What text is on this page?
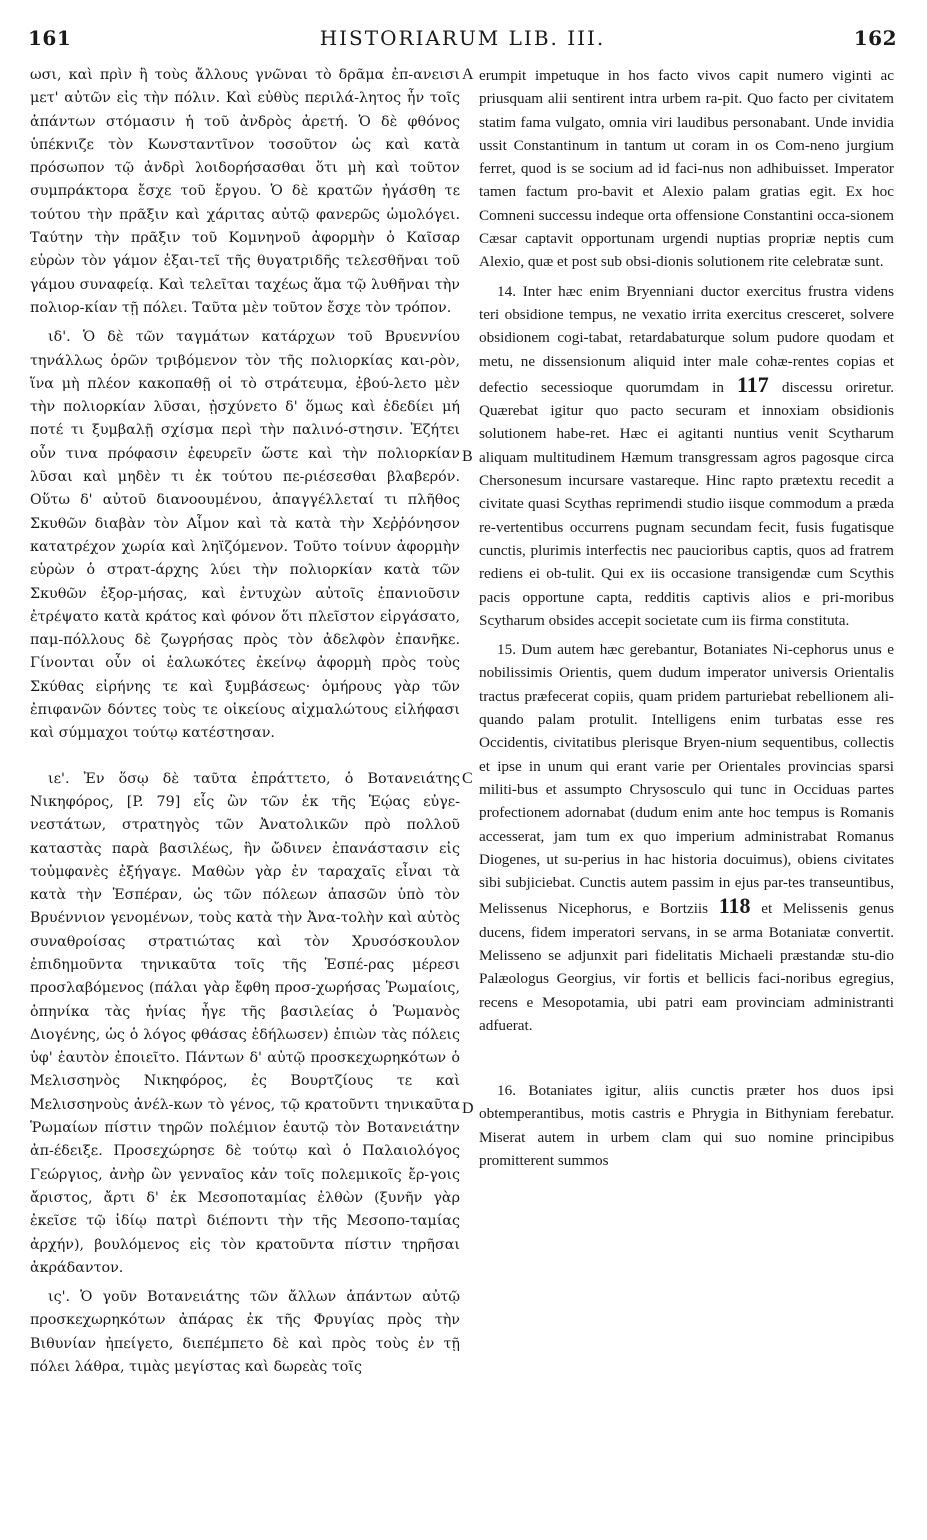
161	HISTORIARUM LIB. III.	162

ωσι, καὶ πρὶν ἢ τοὺς ἄλλους γνῶναι τὸ δρᾶμα ἐπ-ανεισι μετ' αὐτῶν εἰς τὴν πόλιν. Καὶ εὐθὺς περιλά-λητος ἦν τοῖς ἁπάντων στόμασιν ἡ τοῦ ἀνδρὸς ἀρετή. Ὁ δὲ φθόνος ὑπέκνιζε τὸν Κωνσταντῖνον τοσοῦτον ὡς καὶ κατὰ πρόσωπον τῷ ἀνδρὶ λοιδορήσασθαι ὅτι μὴ καὶ τοῦτον συμπράκτορα ἔσχε τοῦ ἔργου. Ὁ δὲ κρατῶν ἠγάσθη τε τούτου τὴν πρᾶξιν καὶ χάριτας αὐτῷ φανερῶς ὡμολόγει. Ταύτην τὴν πρᾶξιν τοῦ Κομνηνοῦ ἀφορμὴν ὁ Καῖσαρ εὑρὼν τὸν γάμον ἐξαι-τεῖ τῆς θυγατριδῆς τελεσθῆναι τοῦ γάμου συναφείᾳ. Καὶ τελεῖται ταχέως ἅμα τῷ λυθῆναι τὴν πολιορ-κίαν τῇ πόλει. Ταῦτα μὲν τοῦτον ἔσχε τὸν τρόπον.

ιδ'. Ὁ δὲ τῶν ταγμάτων κατάρχων τοῦ Βρυεννίου τηνάλλως ὁρῶν τριβόμενον τὸν τῆς πολιορκίας και-ρὸν, ἵνα μὴ πλέον κακοπαθῇ οἱ τὸ στράτευμα, ἐβού-λετο μὲν τὴν πολιορκίαν λῦσαι, ᾐσχύνετο δ' ὅμως καὶ ἐδεδίει μή ποτέ τι ξυμβαλῇ σχίσμα περὶ τὴν παλινό-στησιν. Ἐζήτει οὖν τινα πρόφασιν ἐφευρεῖν ὥστε καὶ τὴν πολιορκίαν λῦσαι καὶ μηδὲν τι ἐκ τούτου πε-ριέσεσθαι βλαβερόν. Οὕτω δ' αὐτοῦ διανοουμένου, ἀπαγγέλλεταί τι πλῆθος Σκυθῶν διαβὰν τὸν Αἷμον καὶ τὰ κατὰ τὴν Χεῤῥόνησον κατατρέχον χωρία καὶ ληϊζόμενον. Τοῦτο τοίνυν ἀφορμὴν εὑρὼν ὁ στρατ-άρχης λύει τὴν πολιορκίαν κατὰ τῶν Σκυθῶν ἐξορ-μήσας, καὶ ἐντυχὼν αὐτοῖς ἐπανιοῦσιν ἐτρέψατο κατὰ κράτος καὶ φόνον ὅτι πλεῖστον εἰργάσατο, παμ-πόλλους δὲ ζωγρήσας πρὸς τὸν ἀδελφὸν ἐπανῆκε. Γίνονται οὖν οἱ ἑαλωκότες ἐκείνῳ ἀφορμὴ πρὸς τοὺς Σκύθας εἰρήνης τε καὶ ξυμβάσεως· ὁμήρους γὰρ τῶν ἐπιφανῶν δόντες τοὺς τε οἰκείους αἰχμαλώτους εἰλήφασι καὶ σύμμαχοι τούτῳ κατέστησαν.

ιε'. Ἐν ὅσῳ δὲ ταῦτα ἐπράττετο, ὁ Βοτανειάτης Νικηφόρος, [P. 79] εἷς ὢν τῶν ἐκ τῆς Ἑῴας εὐγε-νεστάτων, στρατηγὸς τῶν Ἀνατολικῶν πρὸ πολλοῦ καταστὰς παρὰ βασιλέως, ἣν ὤδινεν ἐπανάστασιν εἰς τοὐμφανὲς ἐξήγαγε. Μαθὼν γὰρ ἐν ταραχαῖς εἶναι τὰ κατὰ τὴν Ἑσπέραν, ὡς τῶν πόλεων ἁπασῶν ὑπὸ τὸν Βρυέννιον γενομένων, τοὺς κατὰ τὴν Ἀνα-τολὴν καὶ αὐτὸς συναθροίσας στρατιώτας καὶ τὸν Χρυσόσκουλον ἐπιδημοῦντα τηνικαῦτα τοῖς τῆς Ἑσπέ-ρας μέρεσι προσλαβόμενος (πάλαι γὰρ ἔφθη προσ-χωρήσας Ῥωμαίοις, ὁπηνίκα τὰς ἡνίας ἦγε τῆς βασιλείας ὁ Ῥωμανὸς Διογένης, ὡς ὁ λόγος φθάσας ἐδήλωσεν) ἐπιὼν τὰς πόλεις ὑφ' ἑαυτὸν ἐποιεῖτο. Πάντων δ' αὐτῷ προσκεχωρηκότων ὁ Μελισσηνὸς Νικηφόρος, ἐς Βουρτζίους τε καὶ Μελισσηνοὺς ἀνέλ-κων τὸ γένος, τῷ κρατοῦντι τηνικαῦτα Ῥωμαίων πίστιν τηρῶν πολέμιον ἑαυτῷ τὸν Βοτανειάτην ἀπ-έδειξε. Προσεχώρησε δὲ τούτῳ καὶ ὁ Παλαιολόγος Γεώργιος, ἀνὴρ ὢν γενναῖος κἀν τοῖς πολεμικοῖς ἔρ-γοις ἄριστος, ἄρτι δ' ἐκ Μεσοποταμίας ἐλθὼν (ξυνῆν γὰρ ἐκεῖσε τῷ ἰδίῳ πατρὶ διέποντι τὴν τῆς Μεσοπο-ταμίας ἀρχήν), βουλόμενος εἰς τὸν κρατοῦντα πίστιν τηρῆσαι ἀκράδαντον.

ις'. Ὁ γοῦν Βοτανειάτης τῶν ἄλλων ἁπάντων αὐτῷ προσκεχωρηκότων ἀπάρας ἐκ τῆς Φρυγίας πρὸς τὴν Βιθυνίαν ἠπείγετο, διεπέμπετο δὲ καὶ πρὸς τοὺς ἐν τῇ πόλει λάθρα, τιμὰς μεγίστας καὶ δωρεὰς τοῖς

A
B
C
D

erumpit impetuque in hos facto vivos capit numero viginti ac priusquam alii sentirent intra urbem ra-pit. Quo facto per civitatem statim fama vulgato, omnia viri laudibus personabant. Unde invidia ussit Constantinum in tantum ut coram in os Com-neno jurgium ferret, quod is se socium ad id faci-nus non adhibuisset. Imperator tamen factum pro-bavit et Alexio palam gratias egit. Ex hoc Comneni successu indeque orta offensione Constantini occa-sionem Cæsar captavit opportunam urgendi nuptias propriæ neptis cum Alexio, quæ et post sub obsi-dionis solutionem rite celebratæ sunt.

14. Inter hæc enim Bryenniani ductor exercitus frustra videns teri obsidione tempus, ne vexatio irrita exercitus cresceret, solvere obsidionem cogi-tabat, retardabaturque solum pudore quodam et metu, ne dissensionum aliquid inter male cohæ-rentes copias et defectio secessioque quorumdam in 117 discessu oriretur. Quærebat igitur quo pacto securam et innoxiam obsidionis solutionem habe-ret. Hæc ei agitanti nuntius venit Scytharum aliquam multitudinem Hæmum transgressam agros pagosque circa Chersonesum incursare vastareque. Hinc rapto prætextu recedit a civitate quasi Scythas reprimendi studio iisque commodum a præda re-vertentibus occurrens pugnam secundam fecit, fusis fugatisque cunctis, plurimis interfectis nec paucioribus captis, quos ad fratrem rediens ei ob-tulit. Qui ex iis occasione transigendæ cum Scythis pacis opportune capta, redditis captivis alios e pri-moribus Scytharum obsides accepit societate cum iis firma constituta.

15. Dum autem hæc gerebantur, Botaniates Ni-cephorus unus e nobilissimis Orientis, quem dudum imperator universis Orientalis tractus præfecerat copiis, quam pridem parturiebat rebellionem ali-quando palam protulit. Intelligens enim turbatas esse res Occidentis, civitatibus plerisque Bryen-nium sequentibus, collectis et ipse in unum qui erant varie per Orientales provincias sparsi militi-bus et assumpto Chrysosculo qui tunc in Occiduas partes profectionem adornabat (dudum enim ante hoc tempus is Romanis accesserat, jam tum ex quo imperium administrabat Romanus Diogenes, ut su-perius in hac historia docuimus), obiens civitates sibi subjiciebat. Cunctis autem passim in ejus par-tes transeuntibus, Melissenus Nicephorus, e Bortziis 118 et Melissenis genus ducens, fidem imperatori servans, in se arma Botaniatæ convertit. Melisseno se adjunxit pari fidelitatis Michaeli præstandæ stu-dio Palæologus Georgius, vir fortis et bellicis faci-noribus egregius, recens e Mesopotamia, ubi patri eam provinciam administranti adfuerat.

16. Botaniates igitur, aliis cunctis præter hos duos ipsi obtemperantibus, motis castris e Phrygia in Bithyniam ferebatur. Miserat autem in urbem clam qui suo nomine principibus promitterent summos
